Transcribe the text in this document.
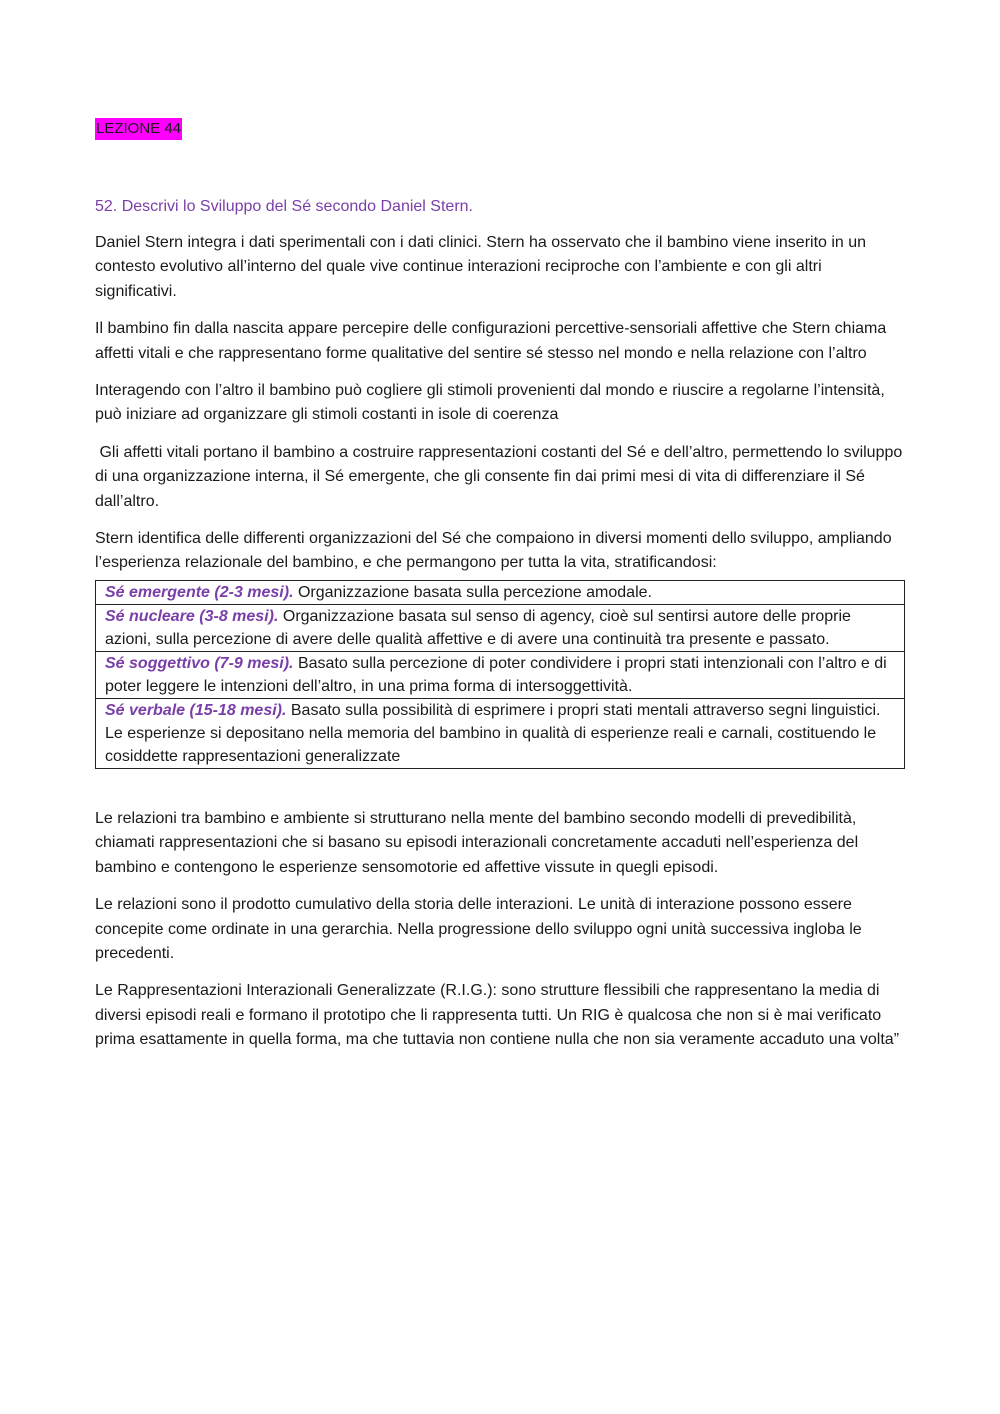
LEZIONE 44
52. Descrivi lo Sviluppo del Sé secondo Daniel Stern.

Daniel Stern integra i dati sperimentali con i dati clinici. Stern ha osservato che il bambino viene inserito in un contesto evolutivo all’interno del quale vive continue interazioni reciproche con l’ambiente e con gli altri significativi.

Il bambino fin dalla nascita appare percepire delle configurazioni percettive-sensoriali affettive che Stern chiama affetti vitali e che rappresentano forme qualitative del sentire sé stesso nel mondo e nella relazione con l’altro

Interagendo con l’altro il bambino può cogliere gli stimoli provenienti dal mondo e riuscire a regolarne l’intensità, può iniziare ad organizzare gli stimoli costanti in isole di coerenza

Gli affetti vitali portano il bambino a costruire rappresentazioni costanti del Sé e dell’altro, permettendo lo sviluppo di una organizzazione interna, il Sé emergente, che gli consente fin dai primi mesi di vita di differenziare il Sé dall’altro.

Stern identifica delle differenti organizzazioni del Sé che compaiono in diversi momenti dello sviluppo, ampliando l’esperienza relazionale del bambino, e che permangono per tutta la vita, stratificandosi:

Sé emergente (2-3 mesi). Organizzazione basata sulla percezione amodale.
Sé nucleare (3-8 mesi). Organizzazione basata sul senso di agency, cioè sul sentirsi autore delle proprie azioni, sulla percezione di avere delle qualità affettive e di avere una continuità tra presente e passato.
Sé soggettivo (7-9 mesi). Basato sulla percezione di poter condividere i propri stati intenzionali con l’altro e di poter leggere le intenzioni dell’altro, in una prima forma di intersoggettività.
Sé verbale (15-18 mesi). Basato sulla possibilità di esprimere i propri stati mentali attraverso segni linguistici. Le esperienze si depositano nella memoria del bambino in qualità di esperienze reali e carnali, costituendo le cosiddette rappresentazioni generalizzate

Le relazioni tra bambino e ambiente si strutturano nella mente del bambino secondo modelli di prevedibilità, chiamati rappresentazioni che si basano su episodi interazionali concretamente accaduti nell’esperienza del bambino e contengono le esperienze sensomotorie ed affettive vissute in quegli episodi.

Le relazioni sono il prodotto cumulativo della storia delle interazioni. Le unità di interazione possono essere concepite come ordinate in una gerarchia. Nella progressione dello sviluppo ogni unità successiva ingloba le precedenti.

Le Rappresentazioni Interazionali Generalizzate (R.I.G.): sono strutture flessibili che rappresentano la media di diversi episodi reali e formano il prototipo che li rappresenta tutti. Un RIG è qualcosa che non si è mai verificato prima esattamente in quella forma, ma che tuttavia non contiene nulla che non sia veramente accaduto una volta”
